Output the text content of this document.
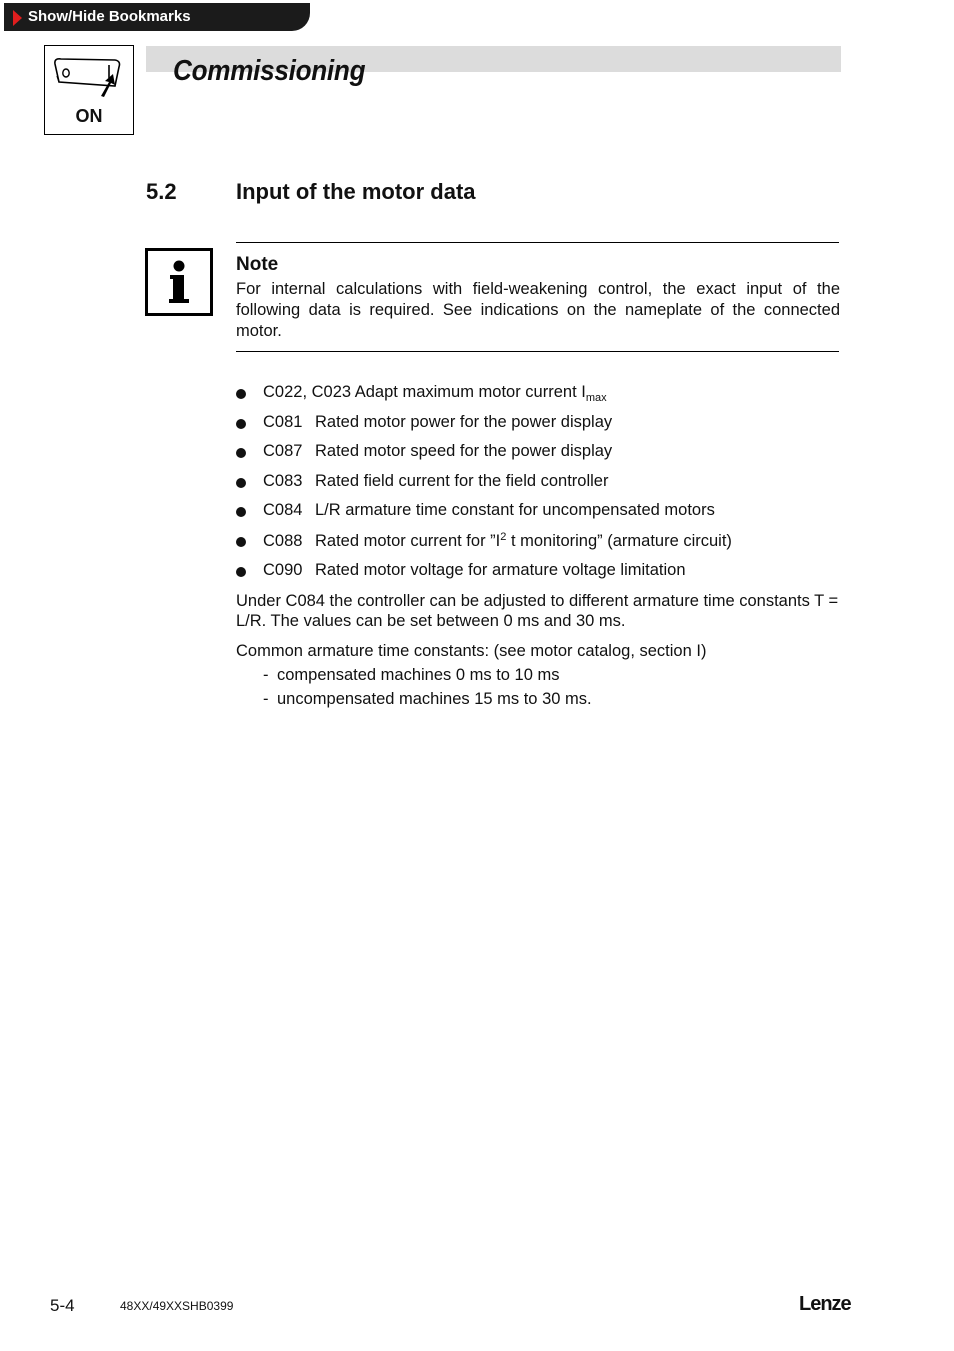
Show/Hide Bookmarks
ON
Commissioning
5.2	Input of the motor data
Note
For internal calculations with field-weakening control, the exact input of the following data is required. See indications on the nameplate of the connected motor.
C022, C023 Adapt maximum motor current $I_{max}$
C081 Rated motor power for the power display
C087 Rated motor speed for the power display
C083 Rated field current for the field controller
C084 L/R armature time constant for uncompensated motors
C088 Rated motor current for $”I^2$ t monitoring” (armature circuit)
C090 Rated motor voltage for armature voltage limitation
Under C084 the controller can be adjusted to different armature time constants T = L/R. The values can be set between 0 ms and 30 ms.
Common armature time constants: (see motor catalog, section I)
- compensated machines 0 ms to 10 ms
- uncompensated machines 15 ms to 30 ms.
5-4	48XX/49XXSHB0399	Lenze
